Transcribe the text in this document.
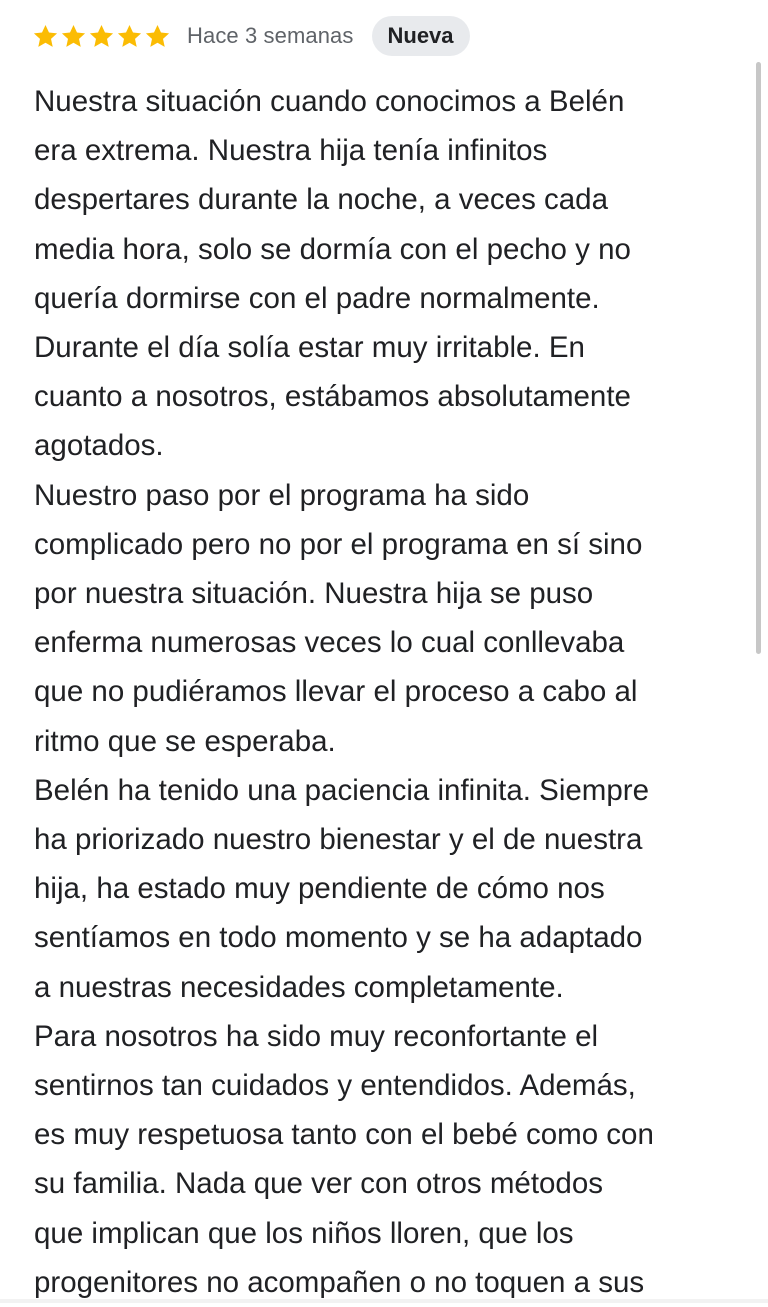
Hace 3 semanas	Nueva

Nuestra situación cuando conocimos a Belén

era extrema. Nuestra hija tenía infinitos

despertares durante la noche, a veces cada

media hora, solo se dormía con el pecho y no

quería dormirse con el padre normalmente.

Durante el día solía estar muy irritable. En

cuanto a nosotros, estábamos absolutamente

agotados.

Nuestro paso por el programa ha sido

complicado pero no por el programa en sí sino

por nuestra situación. Nuestra hija se puso

enferma numerosas veces lo cual conllevaba

que no pudiéramos llevar el proceso a cabo al

ritmo que se esperaba.

Belén ha tenido una paciencia infinita. Siempre

ha priorizado nuestro bienestar y el de nuestra

hija, ha estado muy pendiente de cómo nos

sentíamos en todo momento y se ha adaptado

a nuestras necesidades completamente.

Para nosotros ha sido muy reconfortante el

sentirnos tan cuidados y entendidos. Además,

es muy respetuosa tanto con el bebé como con

su familia. Nada que ver con otros métodos

que implican que los niños lloren, que los

progenitores no acompañen o no toquen a sus
